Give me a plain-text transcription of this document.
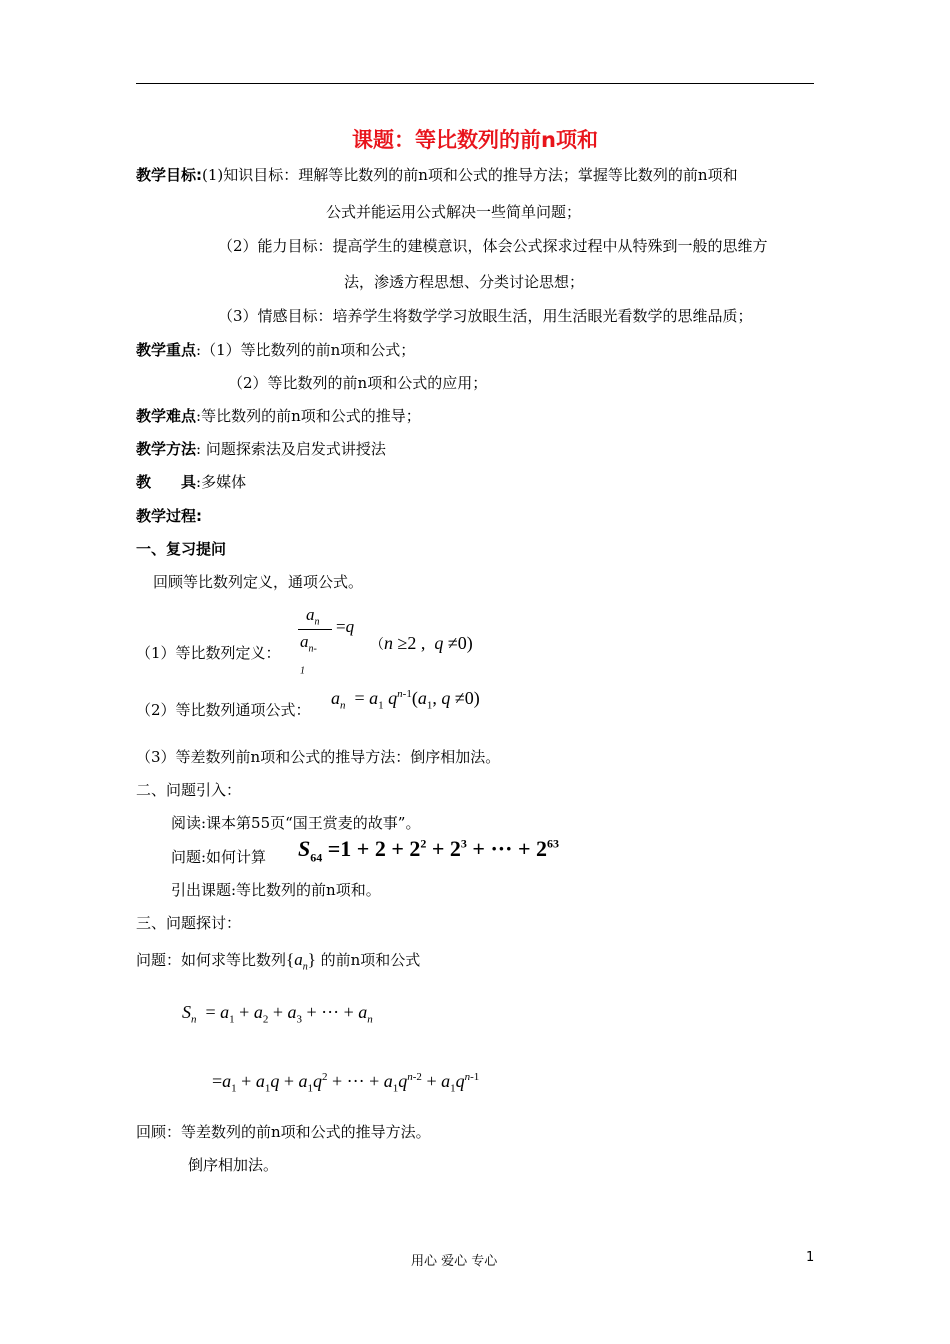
课题：等比数列的前n项和
教学目标:(1)知识目标：理解等比数列的前n项和公式的推导方法；掌握等比数列的前n项和
公式并能运用公式解决一些简单问题；
（2）能力目标：提高学生的建模意识，体会公式探求过程中从特殊到一般的思维方
法，渗透方程思想、分类讨论思想；
（3）情感目标：培养学生将数学学习放眼生活，用生活眼光看数学的思维品质；
教学重点:（1）等比数列的前n项和公式；
（2）等比数列的前n项和公式的应用；
教学难点:等比数列的前n项和公式的推导；
教学方法: 问题探索法及启发式讲授法
教　　具:多媒体
教学过程:
一、复习提问
回顾等比数列定义，通项公式。
（1）等比数列定义：
$a_n$
$a_{n-1}$
=q
（n ≥2 ,  q ≠0)
（2）等比数列通项公式：
$a_n = a_1$ $q^{n-1}(a_1$, q ≠0)
（3）等差数列前n项和公式的推导方法：倒序相加法。
二、问题引入：
阅读:课本第55页“国王赏麦的故事”。
问题:如何计算 $S_{64} =1 + 2 + 2^2 + 2^3$ + ··· + $2^{63}$
引出课题:等比数列的前n项和。
三、问题探讨：
问题：如何求等比数列$\{a_n\}$ 的前n项和公式
$S_n = a_1 + a_2 + a_3$ + ··· + $a_n$
$=a_1 + a_1q + a_1q^2$ + ··· + $a_1q^{n-2} + a_1q^{n-1}$
回顾：等差数列的前n项和公式的推导方法。
倒序相加法。
用心 爱心 专心	1
